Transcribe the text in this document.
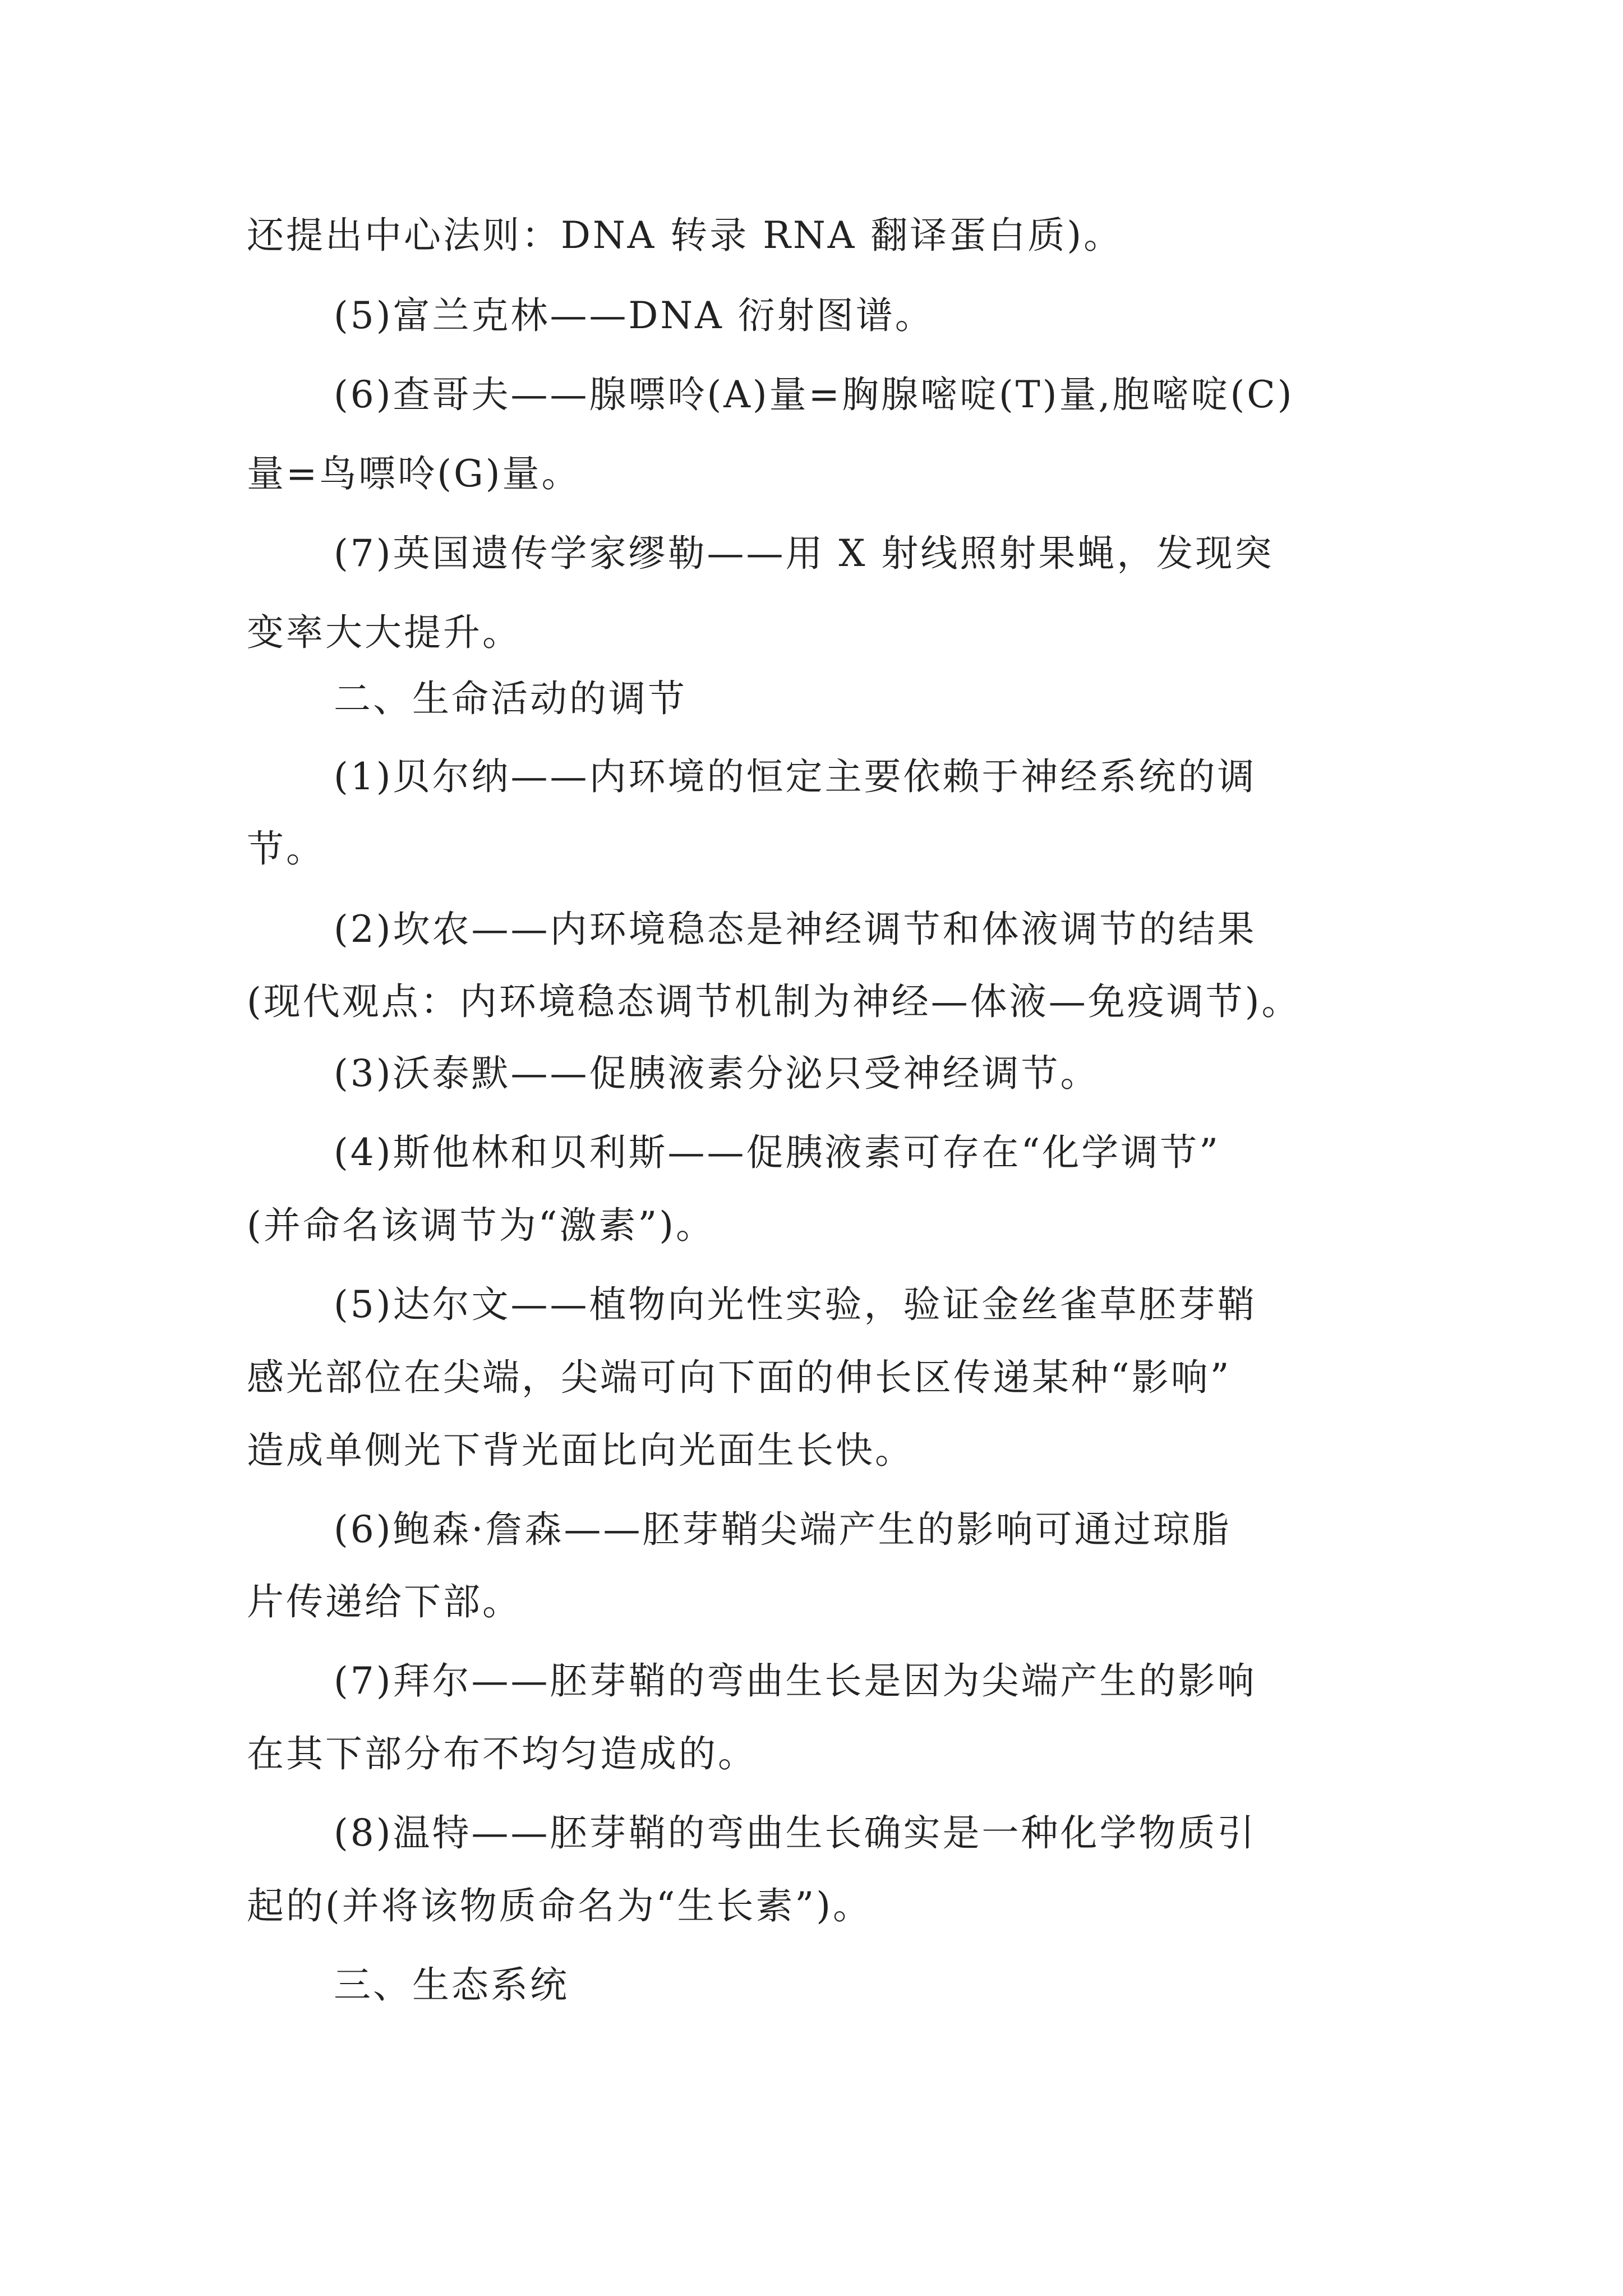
还提出中心法则：DNA 转录 RNA 翻译蛋白质)。
(5)富兰克林——DNA 衍射图谱。
(6)查哥夫——腺嘌呤(A)量=胸腺嘧啶(T)量,胞嘧啶(C)
量=鸟嘌呤(G)量。
(7)英国遗传学家缪勒——用 X 射线照射果蝇，发现突
变率大大提升。
二、生命活动的调节
(1)贝尔纳——内环境的恒定主要依赖于神经系统的调
节。
(2)坎农——内环境稳态是神经调节和体液调节的结果
(现代观点：内环境稳态调节机制为神经—体液—免疫调节)。
(3)沃泰默——促胰液素分泌只受神经调节。
(4)斯他林和贝利斯——促胰液素可存在“化学调节”
(并命名该调节为“激素”)。
(5)达尔文——植物向光性实验，验证金丝雀草胚芽鞘
感光部位在尖端，尖端可向下面的伸长区传递某种“影响”
造成单侧光下背光面比向光面生长快。
(6)鲍森·詹森——胚芽鞘尖端产生的影响可通过琼脂
片传递给下部。
(7)拜尔——胚芽鞘的弯曲生长是因为尖端产生的影响
在其下部分布不均匀造成的。
(8)温特——胚芽鞘的弯曲生长确实是一种化学物质引
起的(并将该物质命名为“生长素”)。
三、生态系统
